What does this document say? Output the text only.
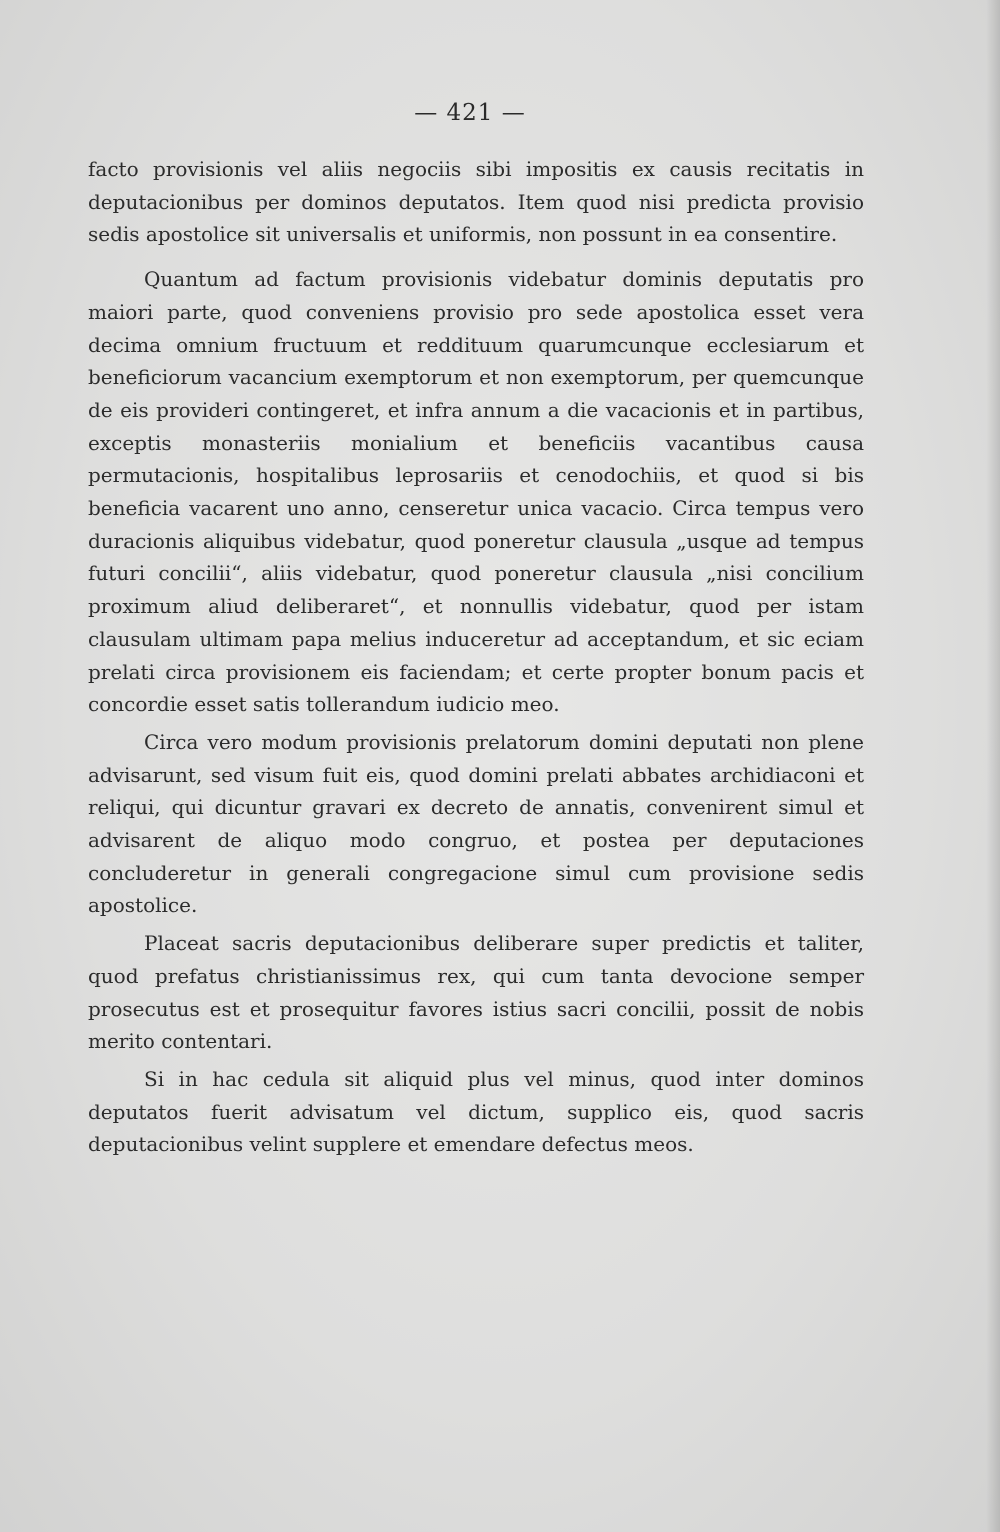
— 421 —

facto provisionis vel aliis negociis sibi impositis ex causis recitatis in deputacionibus per dominos deputatos. Item quod nisi predicta provisio sedis apostolice sit universalis et uniformis, non possunt in ea consentire.

Quantum ad factum provisionis videbatur dominis deputatis pro maiori parte, quod conveniens provisio pro sede apostolica esset vera decima omnium fructuum et reddituum quarumcunque ecclesiarum et beneficiorum vacancium exemptorum et non exemptorum, per quemcunque de eis provideri contingeret, et infra annum a die vacacionis et in partibus, exceptis monasteriis monialium et beneficiis vacantibus causa permutacionis, hospitalibus leprosariis et cenodochiis, et quod si bis beneficia vacarent uno anno, censeretur unica vacacio. Circa tempus vero duracionis aliquibus videbatur, quod poneretur clausula „usque ad tempus futuri concilii“, aliis videbatur, quod poneretur clausula „nisi concilium proximum aliud deliberaret“, et nonnullis videbatur, quod per istam clausulam ultimam papa melius induceretur ad acceptandum, et sic eciam prelati circa provisionem eis faciendam; et certe propter bonum pacis et concordie esset satis tollerandum iudicio meo.

Circa vero modum provisionis prelatorum domini deputati non plene advisarunt, sed visum fuit eis, quod domini prelati abbates archidiaconi et reliqui, qui dicuntur gravari ex decreto de annatis, convenirent simul et advisarent de aliquo modo congruo, et postea per deputaciones concluderetur in generali congregacione simul cum provisione sedis apostolice.

Placeat sacris deputacionibus deliberare super predictis et taliter, quod prefatus christianissimus rex, qui cum tanta devocione semper prosecutus est et prosequitur favores istius sacri concilii, possit de nobis merito contentari.

Si in hac cedula sit aliquid plus vel minus, quod inter dominos deputatos fuerit advisatum vel dictum, supplico eis, quod sacris deputacionibus velint supplere et emendare defectus meos.
